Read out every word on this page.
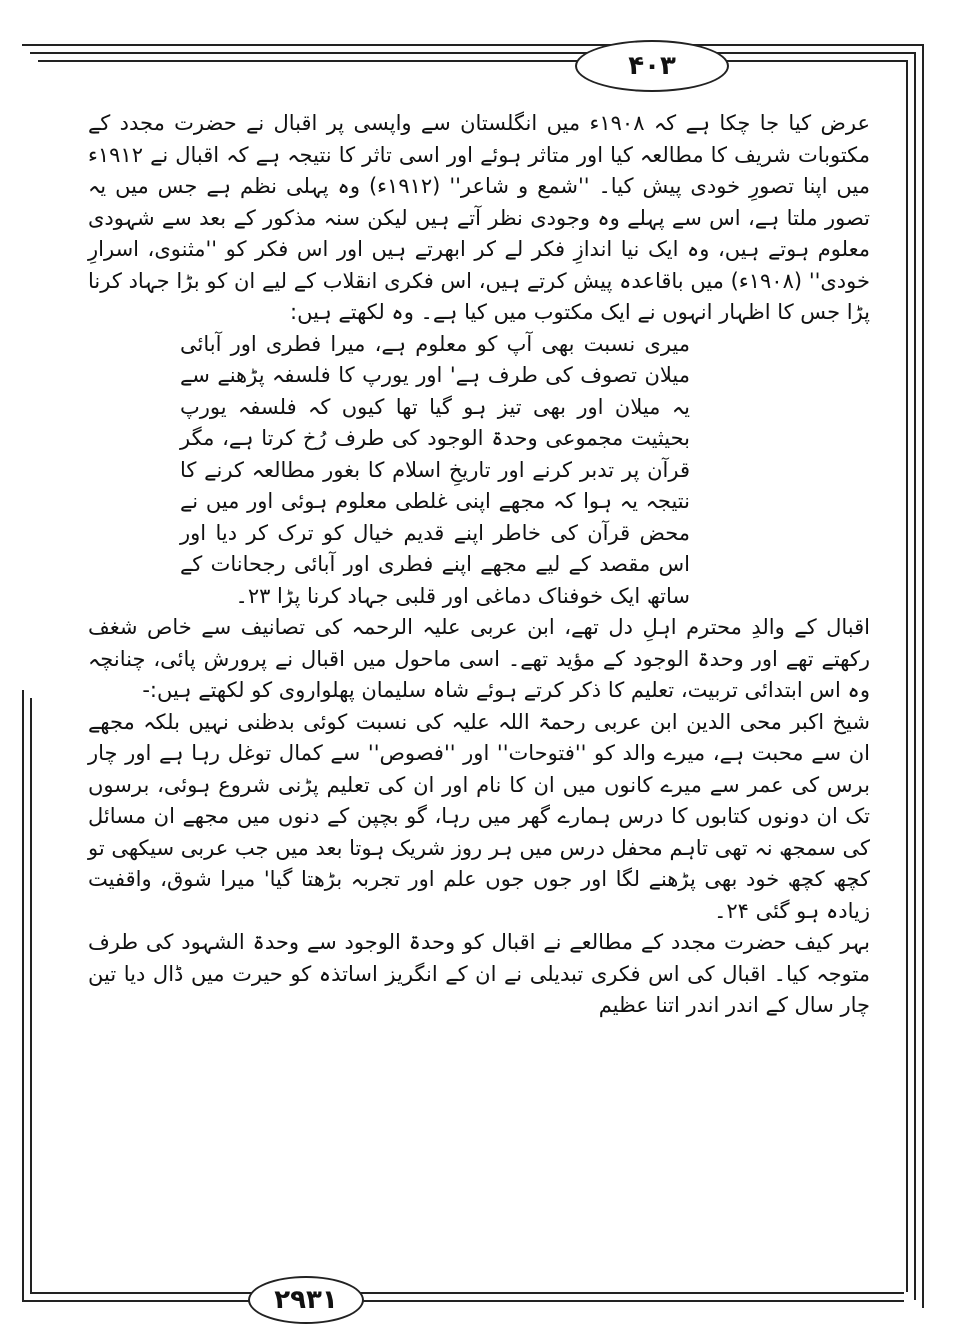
۴۰۳

عرض کیا جا چکا ہے کہ ۱۹۰۸ء میں انگلستان سے واپسی پر اقبال نے حضرت مجدد کے مکتوبات شریف کا مطالعہ کیا اور متاثر ہوئے اور اسی تاثر کا نتیجہ ہے کہ اقبال نے ۱۹۱۲ء میں اپنا تصورِ خودی پیش کیا۔ ''شمع و شاعر'' (۱۹۱۲ء) وہ پہلی نظم ہے جس میں یہ تصور ملتا ہے، اس سے پہلے وہ وجودی نظر آتے ہیں لیکن سنہ مذکور کے بعد سے شہودی معلوم ہوتے ہیں، وہ ایک نیا اندازِ فکر لے کر ابھرتے ہیں اور اس فکر کو ''مثنوی، اسرارِ خودی'' (۱۹۰۸ء) میں باقاعدہ پیش کرتے ہیں، اس فکری انقلاب کے لیے ان کو بڑا جہاد کرنا پڑا جس کا اظہار انہوں نے ایک مکتوب میں کیا ہے۔ وہ لکھتے ہیں:

میری نسبت بھی آپ کو معلوم ہے، میرا فطری اور آبائی میلان تصوف کی طرف ہے' اور یورپ کا فلسفہ پڑھنے سے یہ میلان اور بھی تیز ہو گیا تھا کیوں کہ فلسفہ یورپ بحیثیت مجموعی وحدۃ الوجود کی طرف رُخ کرتا ہے، مگر قرآن پر تدبر کرنے اور تاریخِ اسلام کا بغور مطالعہ کرنے کا نتیجہ یہ ہوا کہ مجھے اپنی غلطی معلوم ہوئی اور میں نے محض قرآن کی خاطر اپنے قدیم خیال کو ترک کر دیا اور اس مقصد کے لیے مجھے اپنے فطری اور آبائی رجحانات کے ساتھ ایک خوفناک دماغی اور قلبی جہاد کرنا پڑا ۲۳۔

اقبال کے والدِ محترم اہلِ دل تھے، ابن عربی علیہ الرحمہ کی تصانیف سے خاص شغف رکھتے تھے اور وحدۃ الوجود کے مؤید تھے۔ اسی ماحول میں اقبال نے پرورش پائی، چنانچہ وہ اس ابتدائی تربیت، تعلیم کا ذکر کرتے ہوئے شاہ سلیمان پھلواروی کو لکھتے ہیں:-

شیخ اکبر محی الدین ابن عربی رحمۃ اللہ علیہ کی نسبت کوئی بدظنی نہیں بلکہ مجھے ان سے محبت ہے، میرے والد کو ''فتوحات'' اور ''فصوص'' سے کمال توغل رہا ہے اور چار برس کی عمر سے میرے کانوں میں ان کا نام اور ان کی تعلیم پڑنی شروع ہوئی، برسوں تک ان دونوں کتابوں کا درس ہمارے گھر میں رہا، گو بچپن کے دنوں میں مجھے ان مسائل کی سمجھ نہ تھی تاہم محفل درس میں ہر روز شریک ہوتا بعد میں جب عربی سیکھی تو کچھ کچھ خود بھی پڑھنے لگا اور جوں جوں علم اور تجربہ بڑھتا گیا' میرا شوق، واقفیت زیادہ ہو گئی ۲۴۔

بہر کیف حضرت مجدد کے مطالعے نے اقبال کو وحدۃ الوجود سے وحدۃ الشہود کی طرف متوجہ کیا۔ اقبال کی اس فکری تبدیلی نے ان کے انگریز اساتذہ کو حیرت میں ڈال دیا تین چار سال کے اندر اندر اتنا عظیم

۲۹۳۱
